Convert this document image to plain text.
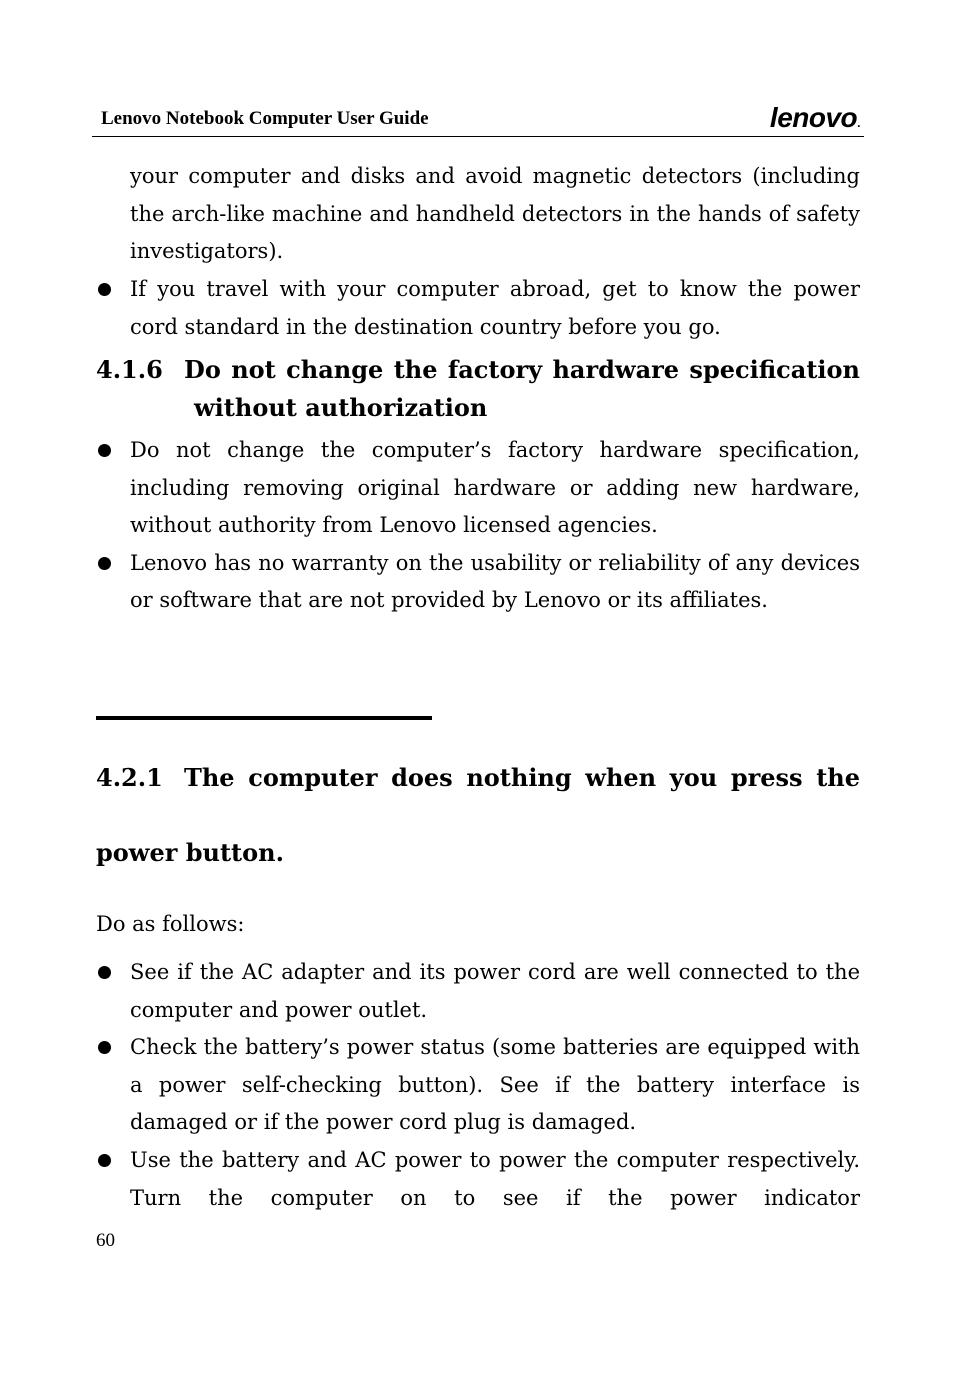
Lenovo Notebook Computer User Guide	lenovo.
your computer and disks and avoid magnetic detectors (including the arch-like machine and handheld detectors in the hands of safety investigators).
If you travel with your computer abroad, get to know the power cord standard in the destination country before you go.
4.1.6 Do not change the factory hardware specification
without authorization
Do not change the computer’s factory hardware specification, including removing original hardware or adding new hardware, without authority from Lenovo licensed agencies.
Lenovo has no warranty on the usability or reliability of any devices or software that are not provided by Lenovo or its affiliates.
4.2.1 The computer does nothing when you press the
power button.
Do as follows:
See if the AC adapter and its power cord are well connected to the computer and power outlet.
Check the battery’s power status (some batteries are equipped with a power self-checking button). See if the battery interface is damaged or if the power cord plug is damaged.
Use the battery and AC power to power the computer respectively. Turn the computer on to see if the power indicator
60
